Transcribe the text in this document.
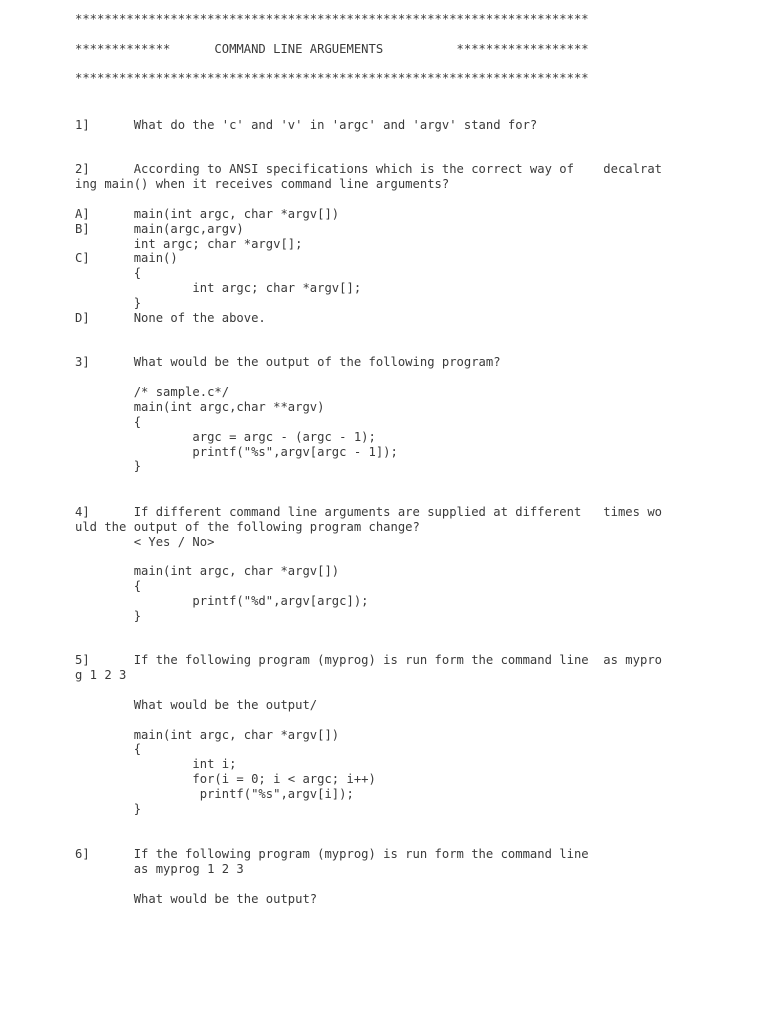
**********************************************************************
*************      COMMAND LINE ARGUEMENTS          ******************
**********************************************************************
1]      What do the 'c' and 'v' in 'argc' and 'argv' stand for?
2]      According to ANSI specifications which is the correct way of    decalrat
ing main() when it receives command line arguments?
A]      main(int argc, char *argv[])
B]      main(argc,argv)
int argc; char *argv[];
C]      main()
{
int argc; char *argv[];
}
D]      None of the above.
3]      What would be the output of the following program?
/* sample.c*/
main(int argc,char **argv)
{
argc = argc - (argc - 1);
printf("%s",argv[argc - 1]);
}
4]      If different command line arguments are supplied at different   times wo
uld the output of the following program change?
< Yes / No>
main(int argc, char *argv[])
{
printf("%d",argv[argc]);
}
5]      If the following program (myprog) is run form the command line  as mypro
g 1 2 3
What would be the output/
main(int argc, char *argv[])
{
int i;
for(i = 0; i < argc; i++)
printf("%s",argv[i]);
}
6]      If the following program (myprog) is run form the command line
as myprog 1 2 3
What would be the output?
